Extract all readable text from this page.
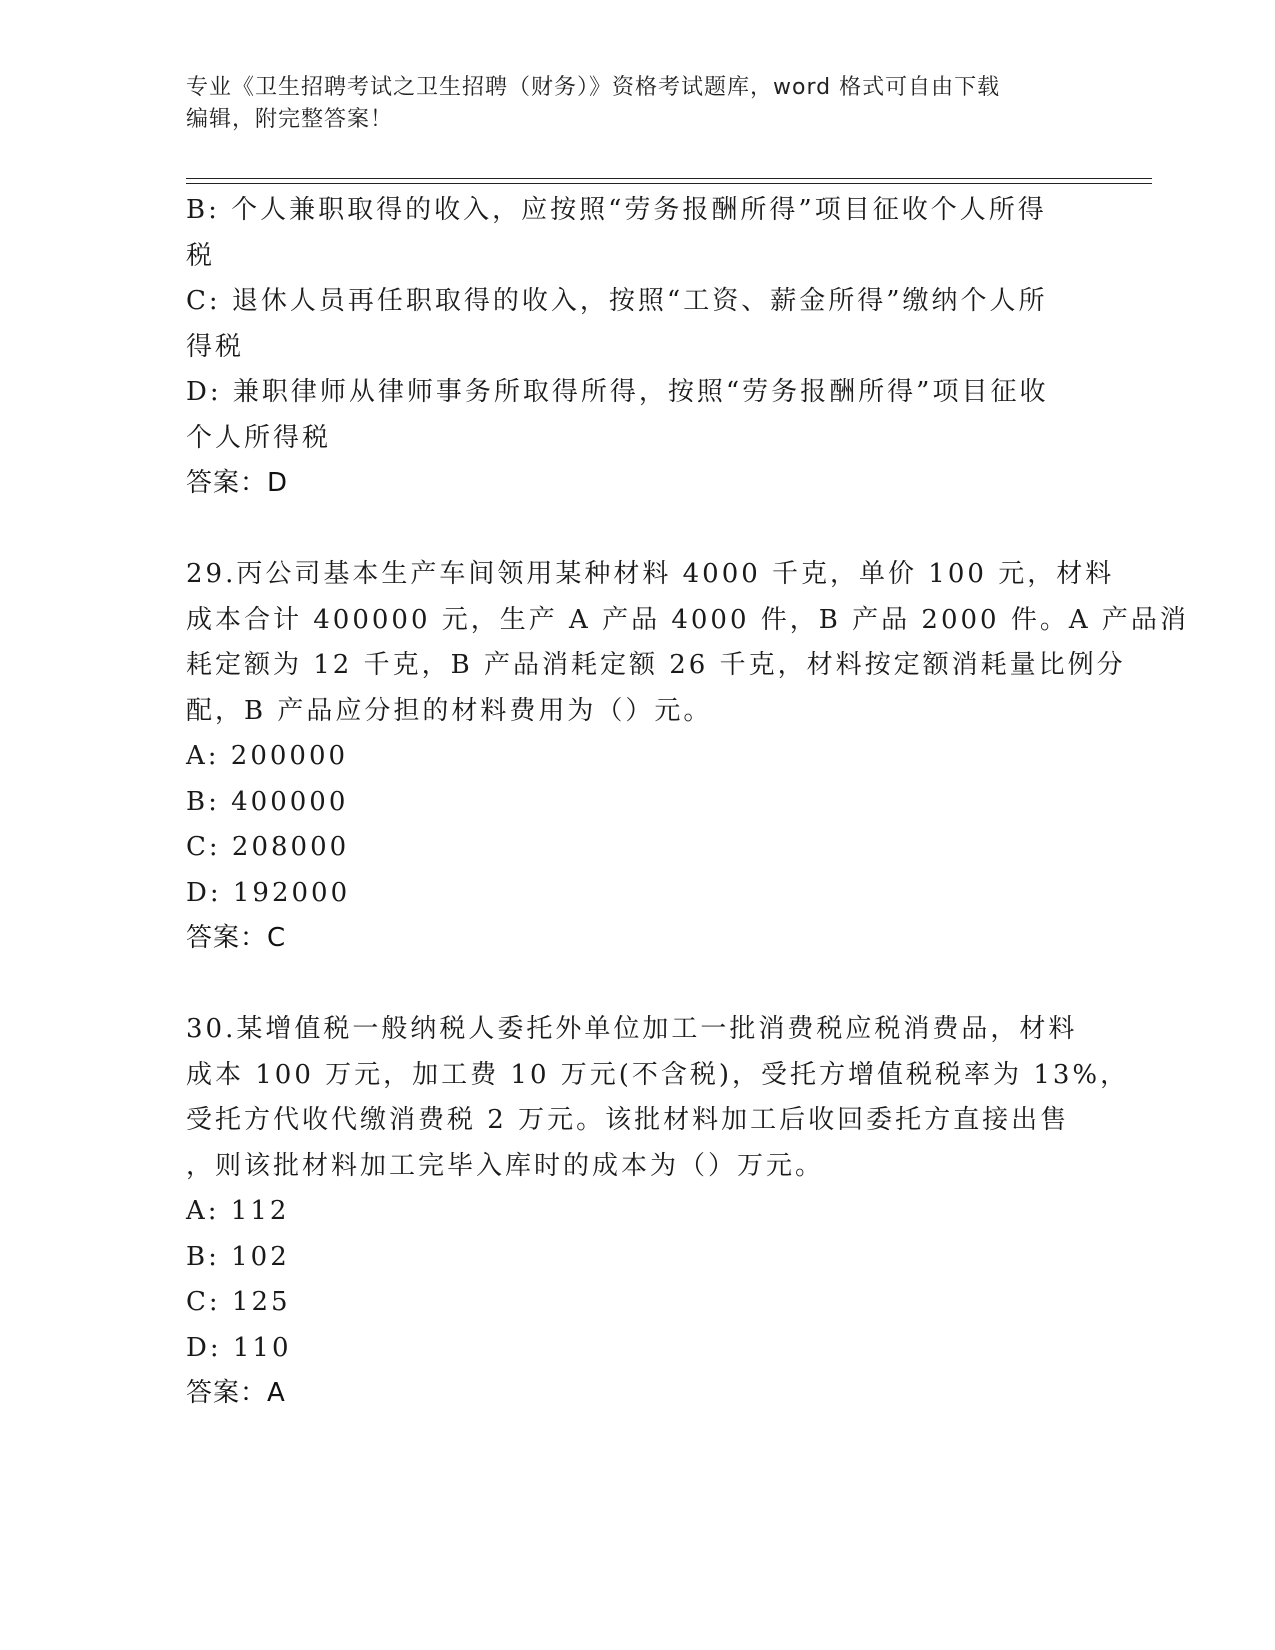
专业《卫生招聘考试之卫生招聘（财务）》资格考试题库，word 格式可自由下载
编辑，附完整答案！
B: 个人兼职取得的收入，应按照“劳务报酬所得”项目征收个人所得
税
C: 退休人员再任职取得的收入，按照“工资、薪金所得”缴纳个人所
得税
D: 兼职律师从律师事务所取得所得，按照“劳务报酬所得”项目征收
个人所得税
答案：D
29.丙公司基本生产车间领用某种材料 4000 千克，单价 100 元，材料
成本合计 400000 元，生产 A 产品 4000 件，B 产品 2000 件。A 产品消
耗定额为 12 千克，B 产品消耗定额 26 千克，材料按定额消耗量比例分
配，B 产品应分担的材料费用为（）元。
A: 200000
B: 400000
C: 208000
D: 192000
答案：C
30.某增值税一般纳税人委托外单位加工一批消费税应税消费品，材料
成本 100 万元，加工费 10 万元(不含税)，受托方增值税税率为 13%，
受托方代收代缴消费税 2 万元。该批材料加工后收回委托方直接出售
，则该批材料加工完毕入库时的成本为（）万元。
A: 112
B: 102
C: 125
D: 110
答案：A
